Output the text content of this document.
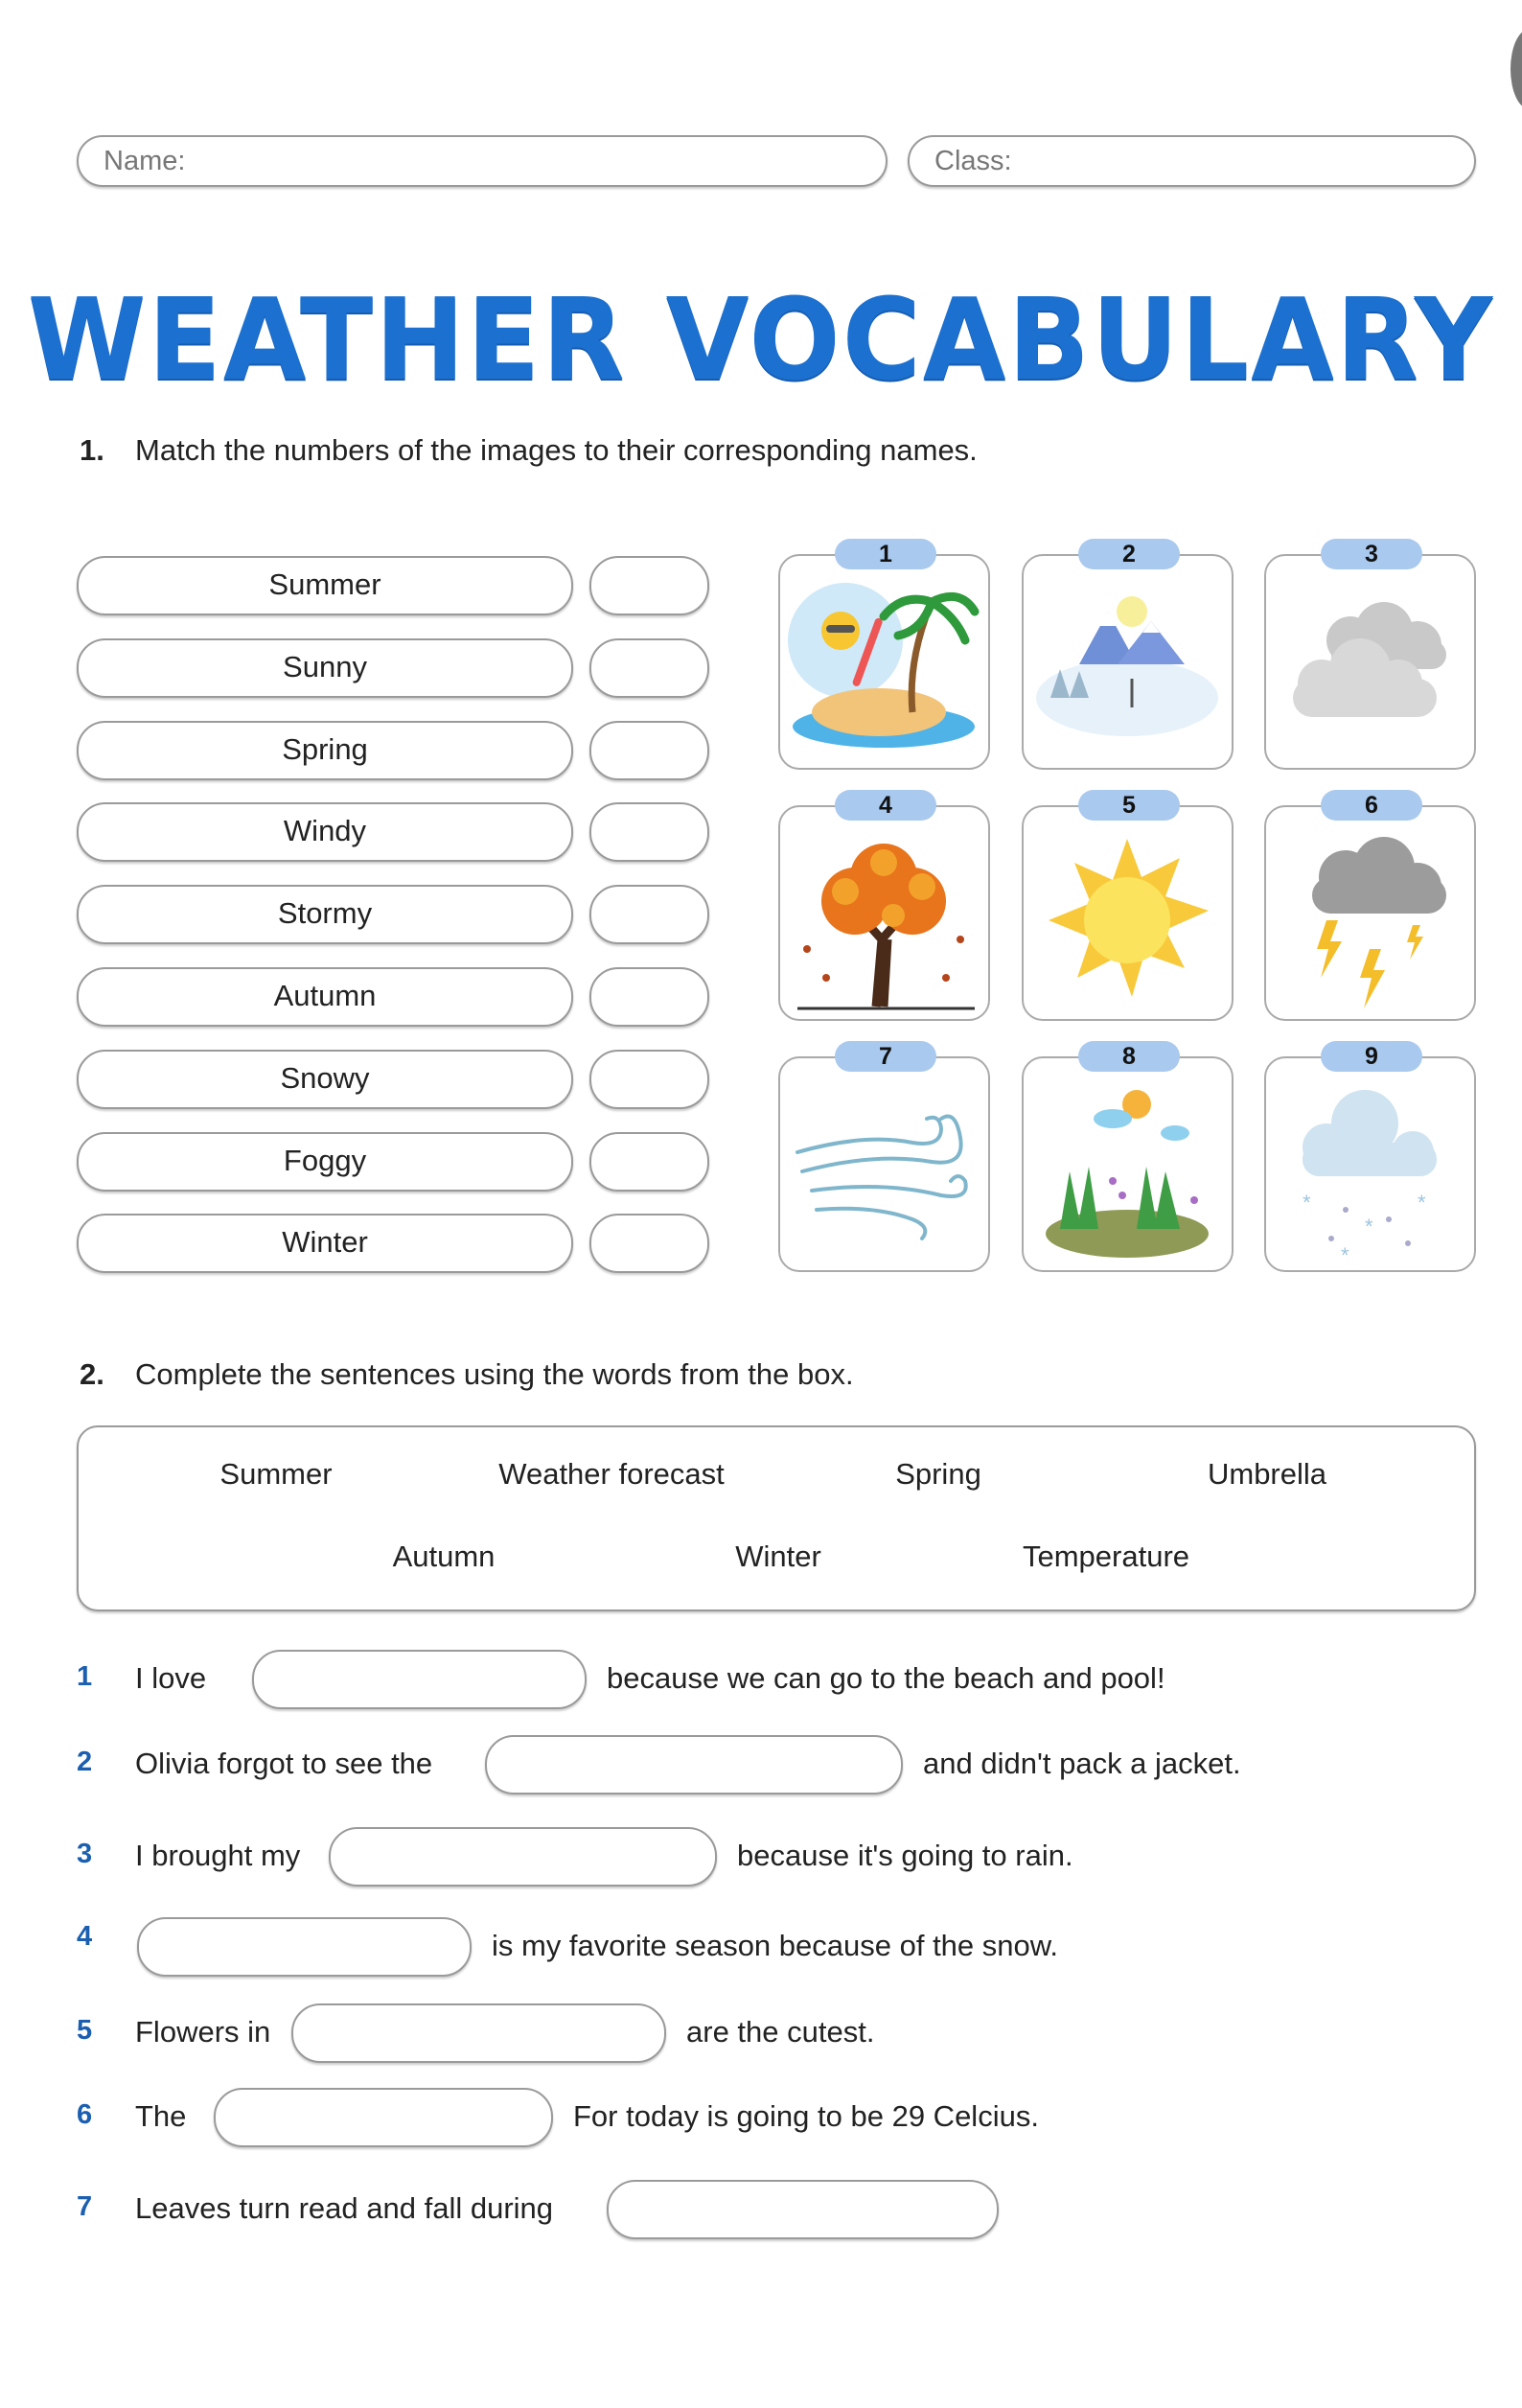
Name:	Class:
WEATHER VOCABULARY
1. Match the numbers of the images to their corresponding names.
Summer
Sunny
Spring
Windy
Stormy
Autumn
Snowy
Foggy
Winter
1	2	3
4	5	6
7	8	9
*	*
*
*
2. Complete the sentences using the words from the box.
Summer	Weather forecast	Spring	Umbrella
Autumn	Winter	Temperature
1 I love	because we can go to the beach and pool!
2 Olivia forgot to see the	and didn't pack a jacket.
3 I brought my	because it's going to rain.
4	is my favorite season because of the snow.
5 Flowers in	are the cutest.
6 The	For today is going to be 29 Celcius.
7 Leaves turn read and fall during
